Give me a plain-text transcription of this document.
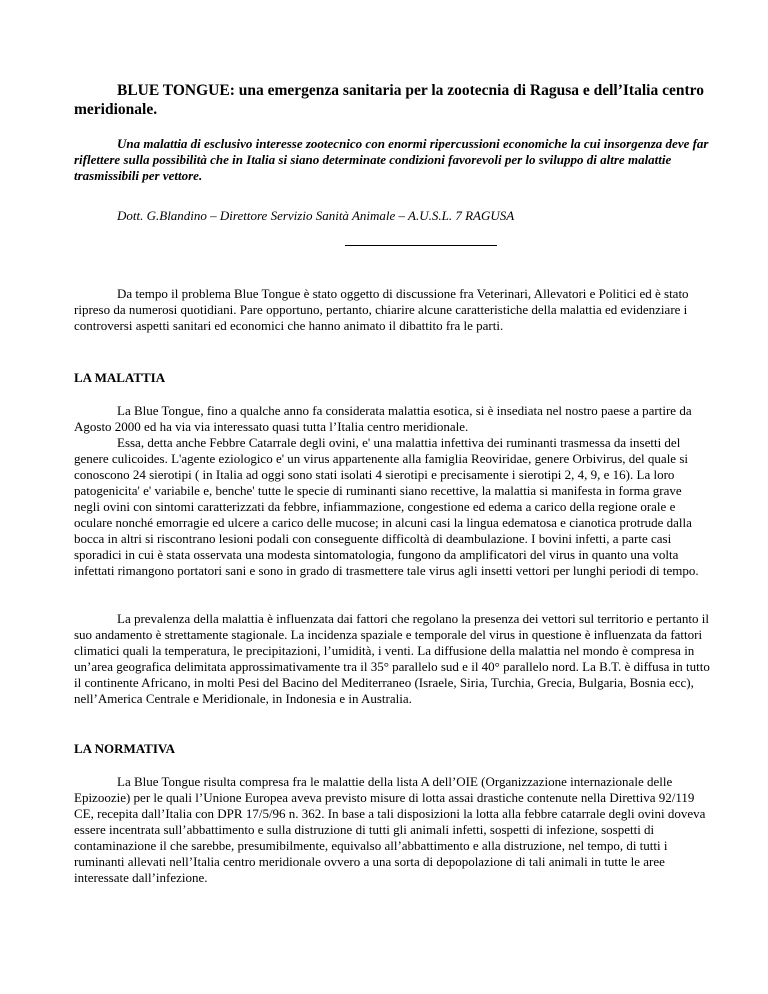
BLUE TONGUE: una emergenza sanitaria per la zootecnia di Ragusa e dell’Italia centro meridionale.
Una malattia di esclusivo interesse zootecnico con enormi ripercussioni economiche la cui insorgenza deve far riflettere sulla possibilità che in Italia si siano determinate condizioni favorevoli per lo sviluppo di altre malattie trasmissibili per vettore.
Dott. G.Blandino – Direttore Servizio Sanità Animale – A.U.S.L. 7 RAGUSA

Da tempo il problema Blue Tongue è stato oggetto di discussione fra Veterinari, Allevatori e Politici ed è stato ripreso da numerosi quotidiani. Pare opportuno, pertanto, chiarire alcune caratteristiche della malattia ed evidenziare i controversi aspetti sanitari ed economici che hanno animato il dibattito fra le parti.

LA MALATTIA

La Blue Tongue, fino a qualche anno fa considerata malattia esotica, si è insediata nel nostro paese a partire da Agosto 2000 ed ha via via interessato quasi tutta l’Italia centro meridionale.

Essa, detta anche Febbre Catarrale degli ovini, e' una malattia infettiva dei ruminanti trasmessa da insetti del genere culicoides. L'agente eziologico e' un virus appartenente alla famiglia Reoviridae, genere Orbivirus, del quale si conoscono 24 sierotipi ( in Italia ad oggi sono stati isolati 4 sierotipi e precisamente i sierotipi 2, 4, 9, e 16). La loro patogenicita' e' variabile e, benche' tutte le specie di ruminanti siano recettive, la malattia si manifesta in forma grave negli ovini con sintomi caratterizzati da febbre, infiammazione, congestione ed edema a carico della regione orale e oculare nonché emorragie ed ulcere a carico delle mucose; in alcuni casi la lingua edematosa e cianotica protrude dalla bocca in altri si riscontrano lesioni podali con conseguente difficoltà di deambulazione. I bovini infetti, a parte casi sporadici in cui è stata osservata una modesta sintomatologia, fungono da amplificatori del virus in quanto una volta infettati rimangono portatori sani e sono in grado di trasmettere tale virus agli insetti vettori per lunghi periodi di tempo.

La prevalenza della malattia è influenzata dai fattori che regolano la presenza dei vettori sul territorio e pertanto il suo andamento è strettamente stagionale. La incidenza spaziale e temporale del virus in questione è influenzata da fattori climatici quali la temperatura, le precipitazioni, l’umidità, i venti. La diffusione della malattia nel mondo è compresa in un’area geografica delimitata approssimativamente tra il 35° parallelo sud e il 40° parallelo nord. La B.T. è diffusa in tutto il continente Africano, in molti Pesi del Bacino del Mediterraneo (Israele, Siria, Turchia, Grecia, Bulgaria, Bosnia ecc), nell’America Centrale e Meridionale, in Indonesia e in Australia.

LA NORMATIVA

La Blue Tongue risulta compresa fra le malattie della lista A dell’OIE (Organizzazione internazionale delle Epizoozie) per le quali l’Unione Europea aveva previsto misure di lotta assai drastiche contenute nella Direttiva 92/119 CE, recepita dall’Italia con DPR 17/5/96 n. 362. In base a tali disposizioni la lotta alla febbre catarrale degli ovini doveva essere incentrata sull’abbattimento e sulla distruzione di tutti gli animali infetti, sospetti di infezione, sospetti di contaminazione il che sarebbe, presumibilmente, equivalso all’abbattimento e alla distruzione, nel tempo, di tutti i ruminanti allevati nell’Italia centro meridionale ovvero a una sorta di depopolazione di tali animali in tutte le aree interessate dall’infezione.
